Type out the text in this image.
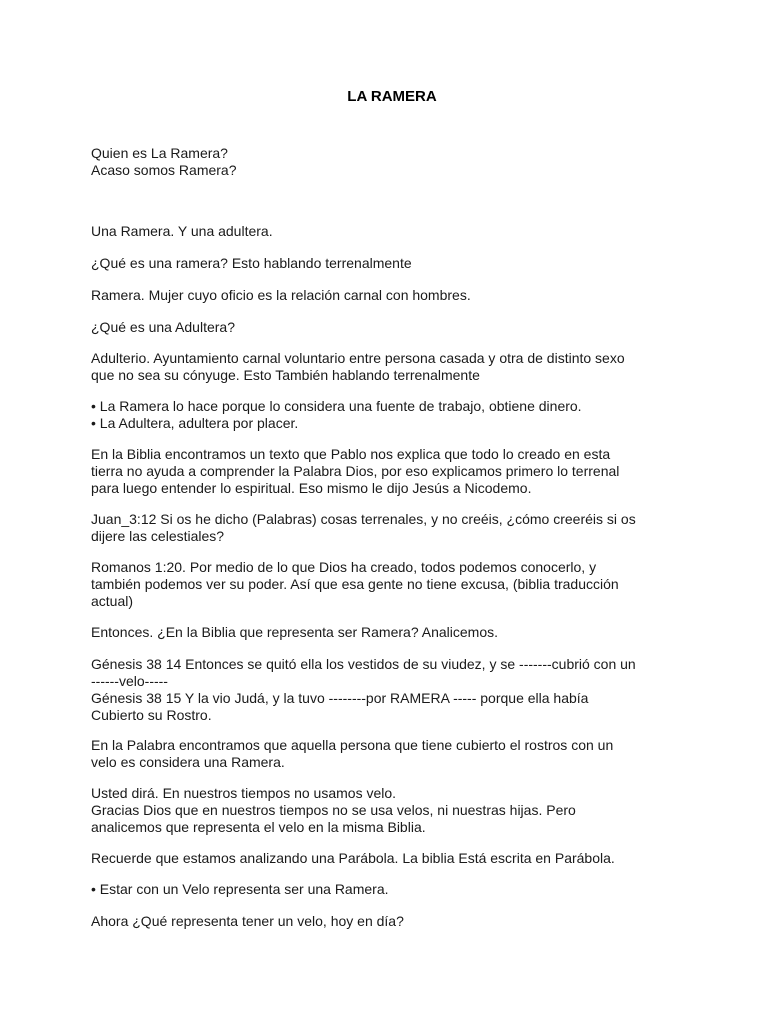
LA RAMERA

Quien es La Ramera?
Acaso somos Ramera?

Una Ramera. Y una adultera.

¿Qué es una ramera? Esto hablando terrenalmente

Ramera. Mujer cuyo oficio es la relación carnal con hombres.

¿Qué es una Adultera?

Adulterio. Ayuntamiento carnal voluntario entre persona casada y otra de distinto sexo
que no sea su cónyuge. Esto También hablando terrenalmente

• La Ramera lo hace porque lo considera una fuente de trabajo, obtiene dinero.
• La Adultera, adultera por placer.

En la Biblia encontramos un texto que Pablo nos explica que todo lo creado en esta
tierra no ayuda a comprender la Palabra Dios, por eso explicamos primero lo terrenal
para luego entender lo espiritual. Eso mismo le dijo Jesús a Nicodemo.

Juan_3:12 Si os he dicho (Palabras) cosas terrenales, y no creéis, ¿cómo creeréis si os
dijere las celestiales?

Romanos 1:20. Por medio de lo que Dios ha creado, todos podemos conocerlo, y
también podemos ver su poder. Así que esa gente no tiene excusa, (biblia traducción
actual)

Entonces. ¿En la Biblia que representa ser Ramera? Analicemos.

Génesis 38 14 Entonces se quitó ella los vestidos de su viudez, y se -------cubrió con un
------velo-----
Génesis 38 15 Y la vio Judá, y la tuvo --------por RAMERA ----- porque ella había
Cubierto su Rostro.

En la Palabra encontramos que aquella persona que tiene cubierto el rostros con un
velo es considera una Ramera.

Usted dirá. En nuestros tiempos no usamos velo.
Gracias Dios que en nuestros tiempos no se usa velos, ni nuestras hijas. Pero
analicemos que representa el velo en la misma Biblia.

Recuerde que estamos analizando una Parábola. La biblia Está escrita en Parábola.

• Estar con un Velo representa ser una Ramera.

Ahora ¿Qué representa tener un velo, hoy en día?
